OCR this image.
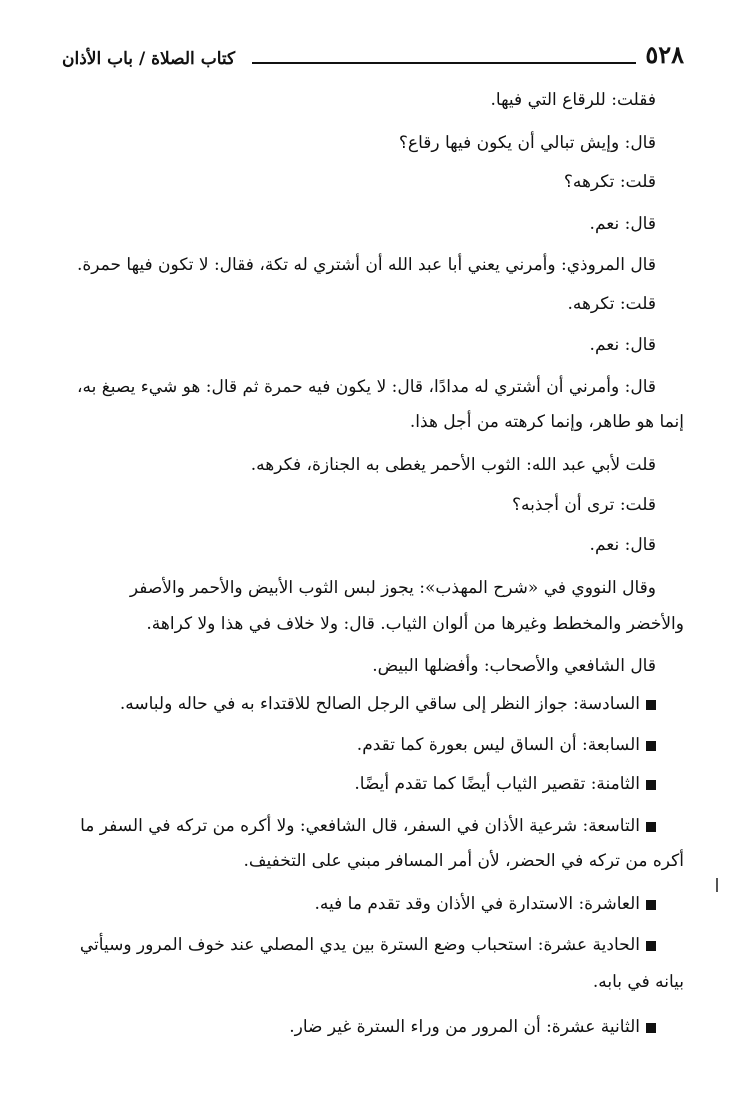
٥٢٨
كتاب الصلاة / باب الأذان
فقلت: للرقاع التي فيها.
قال: وإيش تبالي أن يكون فيها رقاع؟
قلت: تكرهه؟
قال: نعم.
قال المروذي: وأمرني يعني أبا عبد الله أن أشتري له تكة، فقال: لا تكون فيها حمرة.
قلت: تكرهه.
قال: نعم.
قال: وأمرني أن أشتري له مدادًا، قال: لا يكون فيه حمرة ثم قال: هو شيء يصبغ به،
إنما هو طاهر، وإنما كرهته من أجل هذا.
قلت لأبي عبد الله: الثوب الأحمر يغطى به الجنازة، فكرهه.
قلت: ترى أن أجذبه؟
قال: نعم.
وقال النووي في «شرح المهذب»: يجوز لبس الثوب الأبيض والأحمر والأصفر
والأخضر والمخطط وغيرها من ألوان الثياب. قال: ولا خلاف في هذا ولا كراهة.
قال الشافعي والأصحاب: وأفضلها البيض.
السادسة: جواز النظر إلى ساقي الرجل الصالح للاقتداء به في حاله ولباسه.
السابعة: أن الساق ليس بعورة كما تقدم.
الثامنة: تقصير الثياب أيضًا كما تقدم أيضًا.
التاسعة: شرعية الأذان في السفر، قال الشافعي: ولا أكره من تركه في السفر ما
أكره من تركه في الحضر، لأن أمر المسافر مبني على التخفيف.
العاشرة: الاستدارة في الأذان وقد تقدم ما فيه.
الحادية عشرة: استحباب وضع السترة بين يدي المصلي عند خوف المرور وسيأتي
بيانه في بابه.
الثانية عشرة: أن المرور من وراء السترة غير ضار.
